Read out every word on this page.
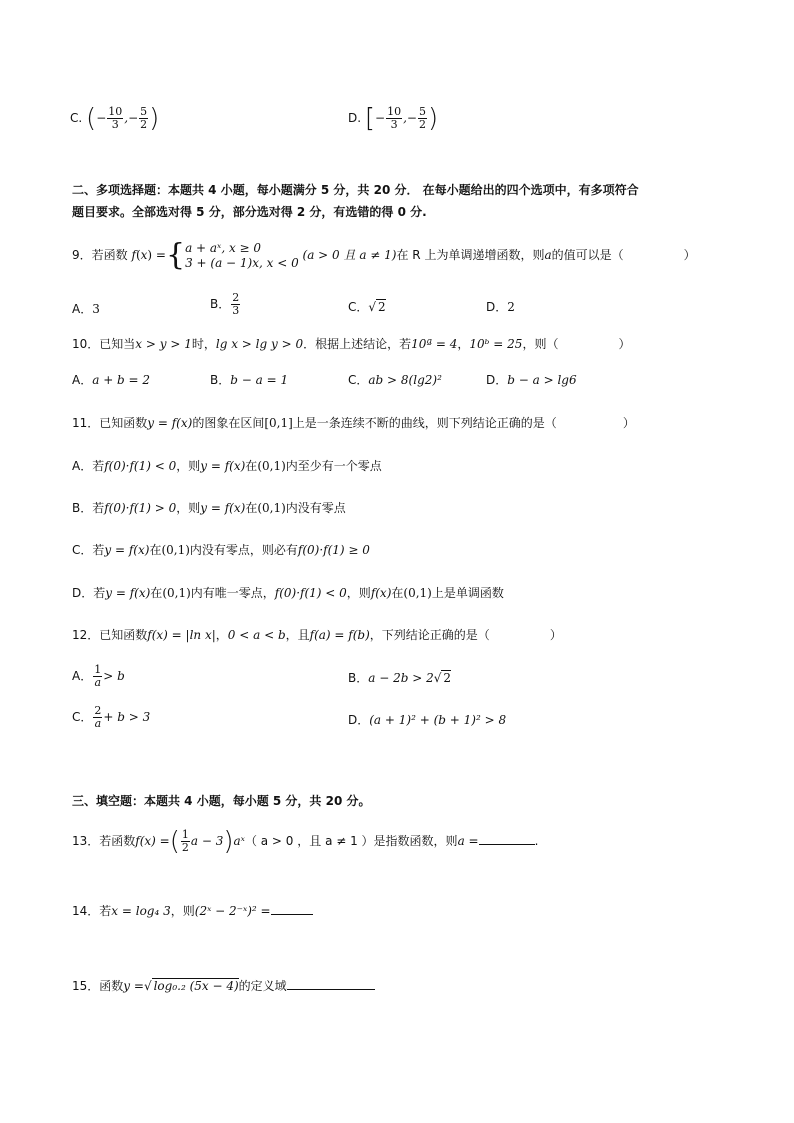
C. (− $\frac{10}{3}$ ,− $\frac{5}{2}$ )	D. [− $\frac{10}{3}$ ,− $\frac{5}{2}$ )
二、多项选择题：本题共 4 小题，每小题满分 5 分，共 20 分． 在每小题给出的四个选项中，有多项符合
题目要求。全部选对得 5 分，部分选对得 2 分，有选错的得 0 分.
9．若函数 f(x) ={ a + aˣ, x ≥ 0
3 + (a − 1)x, x < 0
(a > 0 且 a ≠ 1)在 R 上为单调递增函数，则a的值可以是（	）
A．3	B． $\frac{2}{3}$	C．√ 2	D．2
10．已知当x > y > 1时，lg x > lg y > 0．根据上述结论，若10ª = 4，10ᵇ = 25，则（	）
A．a + b = 2	B．b − a = 1	C．ab > 8(lg2)²	D．b − a > lg6
11．已知函数y = f(x)的图象在区间[0,1]上是一条连续不断的曲线，则下列结论正确的是（	）
A．若f(0)·f(1) < 0，则y = f(x)在(0,1)内至少有一个零点
B．若f(0)·f(1) > 0，则y = f(x)在(0,1)内没有零点
C．若y = f(x)在(0,1)内没有零点，则必有f(0)·f(1) ≥ 0
D．若y = f(x)在(0,1)内有唯一零点，f(0)·f(1) < 0，则f(x)在(0,1)上是单调函数
12．已知函数f(x) = |ln x|，0 < a < b，且f(a) = f(b)，下列结论正确的是（	）
A． $\frac{1}{a} > b$	B．a − 2b > 2√ 2
C． $\frac{2}{a} + b > 3$	D．(a + 1)² + (b + 1)² > 8
三、填空题：本题共 4 小题，每小题 5 分，共 20 分。
13．若函数f(x) =( $\frac{1}{2}$ a − 3)aˣ（ a > 0 ，且 a ≠ 1 ）是指数函数，则a =	.
14．若x = log₄ 3，则(2ˣ − 2⁻ˣ)² =
15．函数y =√ log₀.₂ (5x − 4)的定义域
